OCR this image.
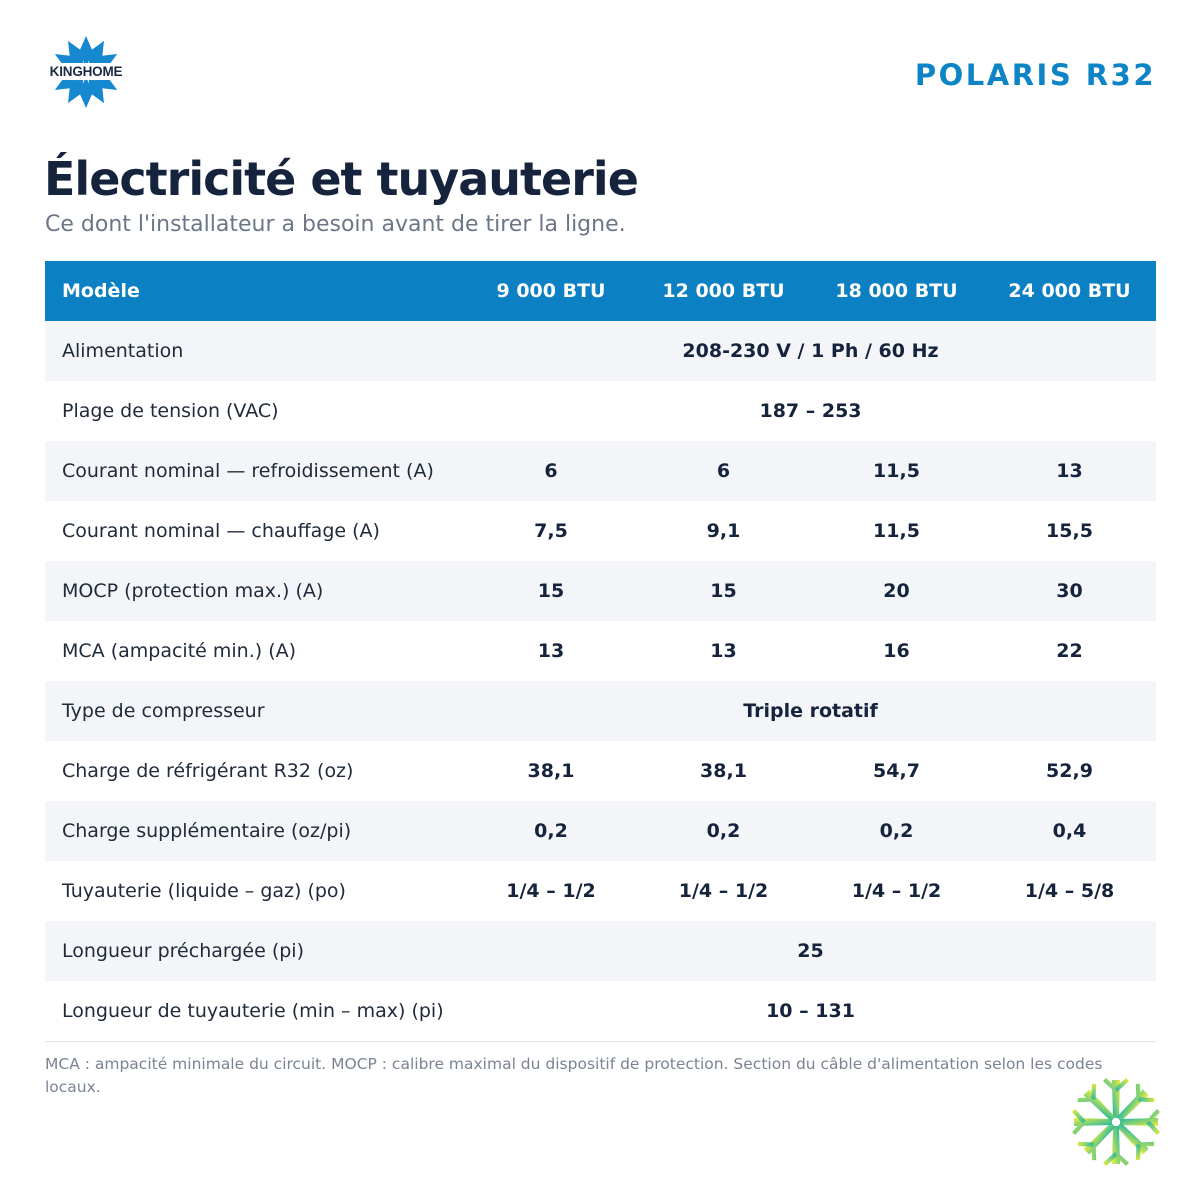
KINGHOME	POLARIS R32
Électricité et tuyauterie

Ce dont l'installateur a besoin avant de tirer la ligne.

Modèle	9 000 BTU	12 000 BTU	18 000 BTU	24 000 BTU
Alimentation	208-230 V / 1 Ph / 60 Hz			
Plage de tension (VAC)	187 – 253			
Courant nominal — refroidissement (A)	6	6	11,5	13
Courant nominal — chauffage (A)	7,5	9,1	11,5	15,5
MOCP (protection max.) (A)	15	15	20	30
MCA (ampacité min.) (A)	13	13	16	22
Type de compresseur	Triple rotatif			
Charge de réfrigérant R32 (oz)	38,1	38,1	54,7	52,9
Charge supplémentaire (oz/pi)	0,2	0,2	0,2	0,4
Tuyauterie (liquide – gaz) (po)	1/4 – 1/2	1/4 – 1/2	1/4 – 1/2	1/4 – 5/8
Longueur préchargée (pi)	25			
Longueur de tuyauterie (min – max) (pi)	10 – 131			

MCA : ampacité minimale du circuit. MOCP : calibre maximal du dispositif de protection. Section du câble d'alimentation selon les codes locaux.
